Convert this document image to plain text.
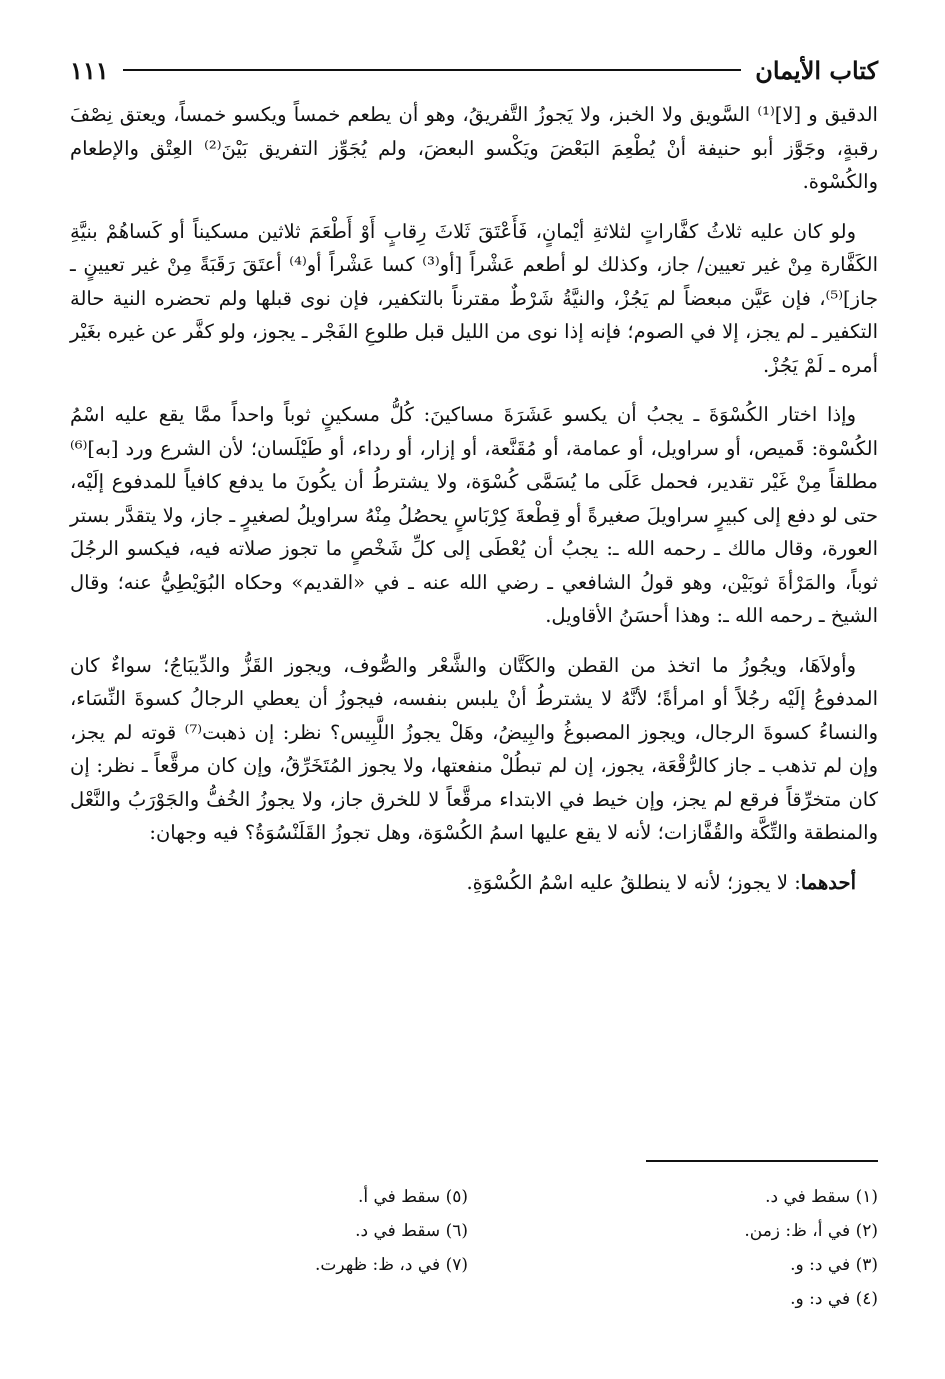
كتاب الأيمان
١١١

الدقيق و [لا]⁽¹⁾ السَّويق ولا الخبز، ولا يَجوزُ التَّفريقُ، وهو أن يطعم خمساً ويكسو خمساً، ويعتق نِصْفَ رقبةٍ، وجَوَّز أبو حنيفة أنْ يُطْعِمَ البَعْضَ ويَكْسو البعضَ، ولم يُجَوِّز التفريق بَيْنَ⁽²⁾ العِتْق والإطعام والكُسْوة.

ولو كان عليه ثلاثُ كفَّاراتٍ لثلاثةِ أيْمانٍ، فَأَعْتَقَ ثَلاثَ رِقابٍ أَوْ أَطْعَمَ ثلاثين مسكيناً أو كَساهُمْ بنيَّةِ الكَفَّارة مِنْ غير تعيين/ جاز، وكذلك لو أطعم عَشْراً [أو⁽³⁾ كسا عَشْراً أو⁽⁴⁾ أعتَقَ رَقَبَةً مِنْ غير تعيينٍ ـ جاز]⁽⁵⁾، فإن عَيَّن مبعضاً لم يَجُزْ، والنيَّةُ شَرْطٌ مقترناً بالتكفير، فإن نوى قبلها ولم تحضره النية حالة التكفير ـ لم يجز، إلا في الصوم؛ فإنه إذا نوى من الليل قبل طلوعِ الفَجْر ـ يجوز، ولو كفَّر عن غيره بغَيْر أمره ـ لَمْ يَجُزْ.

وإذا اختار الكُسْوَةَ ـ يجبُ أن يكسو عَشَرَةَ مساكينَ: كُلُّ مسكينٍ ثوباً واحداً ممَّا يقع عليه اسْمُ الكُسْوة: قَميص، أو سراويل، أو عمامة، أو مُقَنَّعة، أو إزار، أو رداء، أو طَيْلَسان؛ لأن الشرع ورد [به]⁽⁶⁾ مطلقاً مِنْ غَيْر تقدير، فحمل عَلَى ما يُسَمَّى كُسْوَة، ولا يشترطُ أن يكُونَ ما يدفع كافياً للمدفوع إلَيْه، حتى لو دفع إلى كبيرٍ سراويلَ صغيرةً أو قِطْعةَ كِرْبَاسٍ يحصُلُ مِنْهُ سراويلُ لصغيرٍ ـ جاز، ولا يتقدَّر بستر العورة، وقال مالك ـ رحمه الله ـ: يجبُ أن يُعْطَى إلى كلِّ شَخْصٍ ما تجوز صلاته فيه، فيكسو الرجُلَ ثوباً، والمَرْأةَ ثوبَيْن، وهو قولُ الشافعي ـ رضي الله عنه ـ في «القديم» وحكاه البُوَيْطِيُّ عنه؛ وقال الشيخ ـ رحمه الله ـ: وهذا أحسَنُ الأقاويل.

وأولاَهَا، ويجُوزُ ما اتخذ من القطن والكَتَّان والشَّعْر والصُّوف، ويجوز القَزُّ والدِّيبَاجُ؛ سواءٌ كان المدفوعُ إلَيْه رجُلاً أو امرأةً؛ لأنَّهُ لا يشترطُ أنْ يلبس بنفسه، فيجوزُ أن يعطي الرجالُ كسوةَ النِّسَاء، والنساءُ كسوةَ الرجال، ويجوز المصبوغُ والبِيضُ، وهَلْ يجوزُ اللَّبِيس؟ نظر: إن ذهبت⁽⁷⁾ قوته لم يجز، وإن لم تذهب ـ جاز كالرُّقْعَة، يجوز، إن لم تبطُلْ منفعتها، ولا يجوز المُتَخَرِّقُ، وإن كان مرقَّعاً ـ نظر: إن كان متخرِّقاً فرقع لم يجز، وإن خيط في الابتداء مرقَّعاً لا للخرق جاز، ولا يجوزُ الخُفُّ والجَوْرَبُ والنَّعْل والمنطقة والتِّكَّة والقُفَّازات؛ لأنه لا يقع عليها اسمُ الكُسْوَة، وهل تجوزُ القَلَنْسُوَةُ؟ فيه وجهان:

أحدهما: لا يجوز؛ لأنه لا ينطلقُ عليه اسْمُ الكُسْوَةِ.

(١) سقط في د.
(٢) في أ، ظ: زمن.
(٣) في د: و.
(٤) في د: و.
(٥) سقط في أ.
(٦) سقط في د.
(٧) في د، ظ: ظهرت.
